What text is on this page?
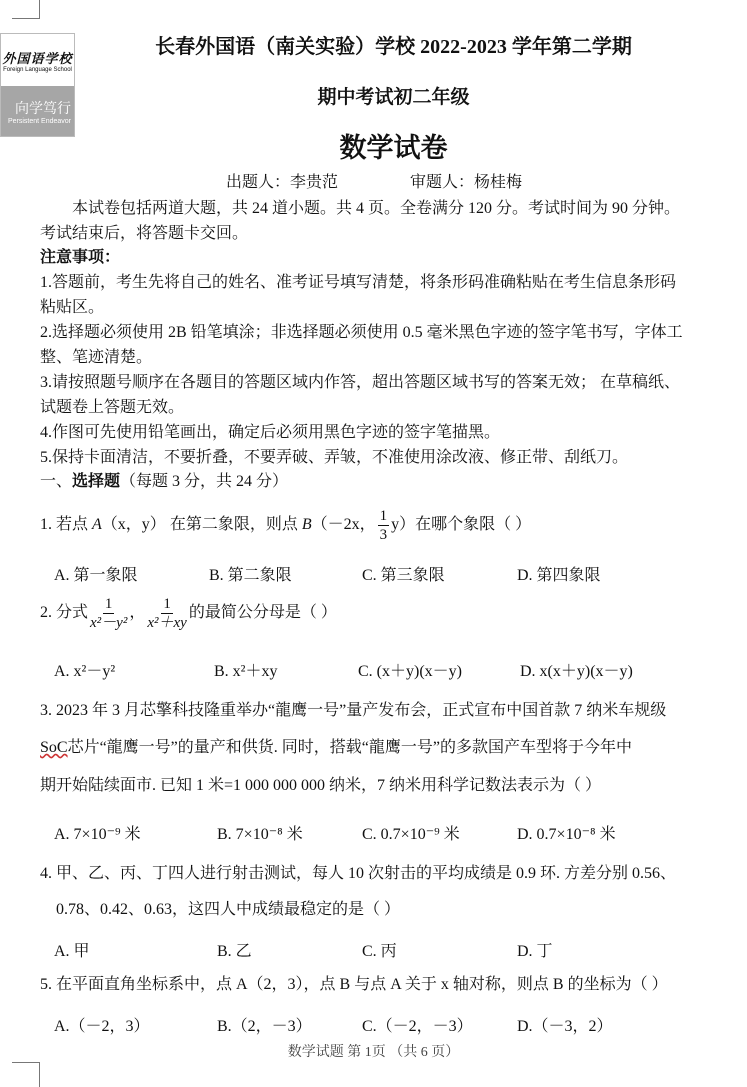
外国语学校
Foreign Language School
向学笃行
Persistent Endeavor
长春外国语（南关实验）学校 2022-2023 学年第二学期
期中考试初二年级
数学试卷
出题人：李贵范	审题人：杨桂梅
本试卷包括两道大题，共 24 道小题。共 4 页。全卷满分 120 分。考试时间为 90 分钟。
考试结束后，将答题卡交回。
注意事项：
1.答题前，考生先将自己的姓名、准考证号填写清楚，将条形码准确粘贴在考生信息条形码
粘贴区。
2.选择题必须使用 2B 铅笔填涂；非选择题必须使用 0.5 毫米黑色字迹的签字笔书写，字体工
整、笔迹清楚。
3.请按照题号顺序在各题目的答题区域内作答，超出答题区域书写的答案无效； 在草稿纸、
试题卷上答题无效。
4.作图可先使用铅笔画出，确定后必须用黑色字迹的签字笔描黑。
5.保持卡面清洁，不要折叠，不要弄破、弄皱，不准使用涂改液、修正带、刮纸刀。
一、选择题（每题 3 分，共 24 分）
1. 若点 A（x，y） 在第二象限，则点 B（－2x， $\frac{1}{3} y$）在哪个象限（ ）
A. 第一象限	B. 第二象限	C. 第三象限	D. 第四象限
2. 分式 $\frac{1}{\text{x²－y²}}$ ， $\frac{1}{\text{x²＋xy}}$ 的最简公分母是（ ）
A. x²－y²	B. x²＋xy	C. (x＋y)(x－y)	D. x(x＋y)(x－y)
3. 2023 年 3 月芯擎科技隆重举办“龍鹰一号”量产发布会，正式宣布中国首款 7 纳米车规级
SoC芯片“龍鹰一号”的量产和供货. 同时，搭载“龍鹰一号”的多款国产车型将于今年中
期开始陆续面市. 已知 1 米=1 000 000 000 纳米，7 纳米用科学记数法表示为（ ）
A. 7×10⁻⁹ 米	B. 7×10⁻⁸ 米	C. 0.7×10⁻⁹ 米	D. 0.7×10⁻⁸ 米
4. 甲、乙、丙、丁四人进行射击测试，每人 10 次射击的平均成绩是 0.9 环. 方差分别 0.56、
0.78、0.42、0.63，这四人中成绩最稳定的是（ ）
A. 甲	B. 乙	C. 丙	D. 丁
5. 在平面直角坐标系中，点 A（2，3），点 B 与点 A 关于 x 轴对称，则点 B 的坐标为（ ）
A.（－2，3）	B.（2，－3）	C.（－2，－3）	D.（－3，2）
数学试题 第 1页 （共 6 页）
